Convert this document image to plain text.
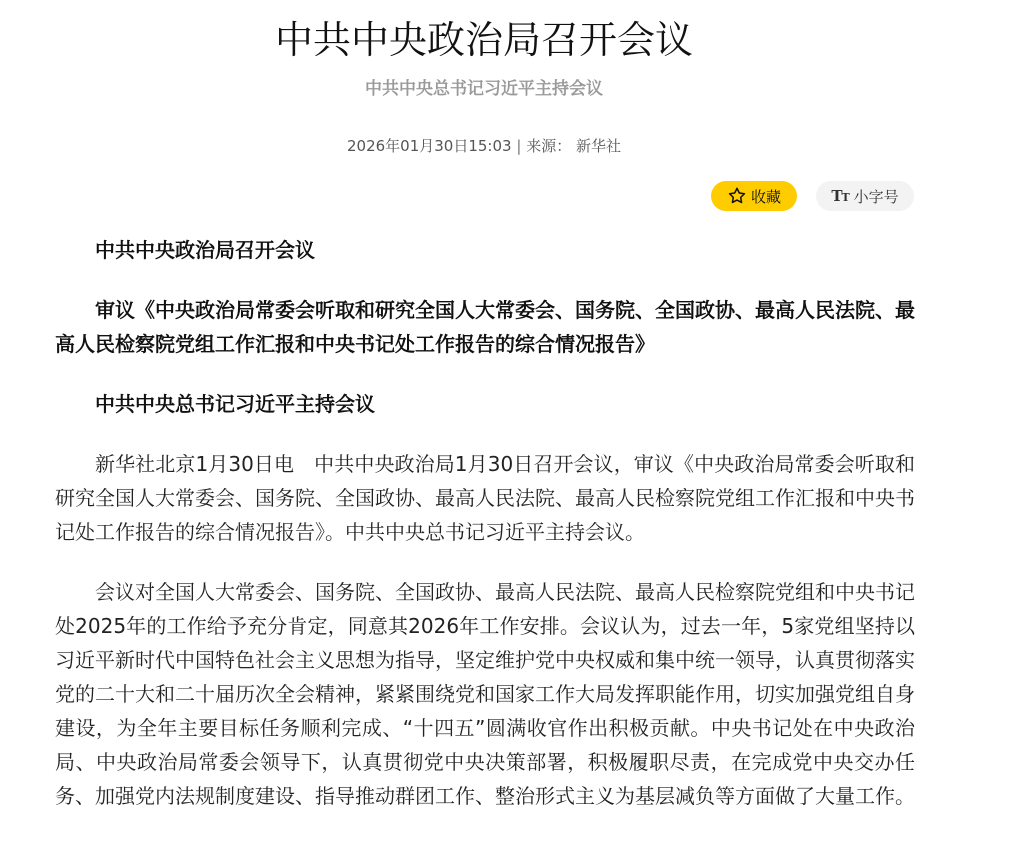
中共中央政治局召开会议
中共中央总书记习近平主持会议
2026年01月30日15:03 | 来源： 新华社
收藏	TT 小字号

中共中央政治局召开会议

审议《中央政治局常委会听取和研究全国人大常委会、国务院、全国政协、最高人民法院、最高人民检察院党组工作汇报和中央书记处工作报告的综合情况报告》

中共中央总书记习近平主持会议

新华社北京1月30日电　中共中央政治局1月30日召开会议，审议《中央政治局常委会听取和研究全国人大常委会、国务院、全国政协、最高人民法院、最高人民检察院党组工作汇报和中央书记处工作报告的综合情况报告》。中共中央总书记习近平主持会议。

会议对全国人大常委会、国务院、全国政协、最高人民法院、最高人民检察院党组和中央书记处2025年的工作给予充分肯定，同意其2026年工作安排。会议认为，过去一年，5家党组坚持以习近平新时代中国特色社会主义思想为指导，坚定维护党中央权威和集中统一领导，认真贯彻落实党的二十大和二十届历次全会精神，紧紧围绕党和国家工作大局发挥职能作用，切实加强党组自身建设，为全年主要目标任务顺利完成、“十四五”圆满收官作出积极贡献。中央书记处在中央政治局、中央政治局常委会领导下，认真贯彻党中央决策部署，积极履职尽责，在完成党中央交办任务、加强党内法规制度建设、指导推动群团工作、整治形式主义为基层减负等方面做了大量工作。
